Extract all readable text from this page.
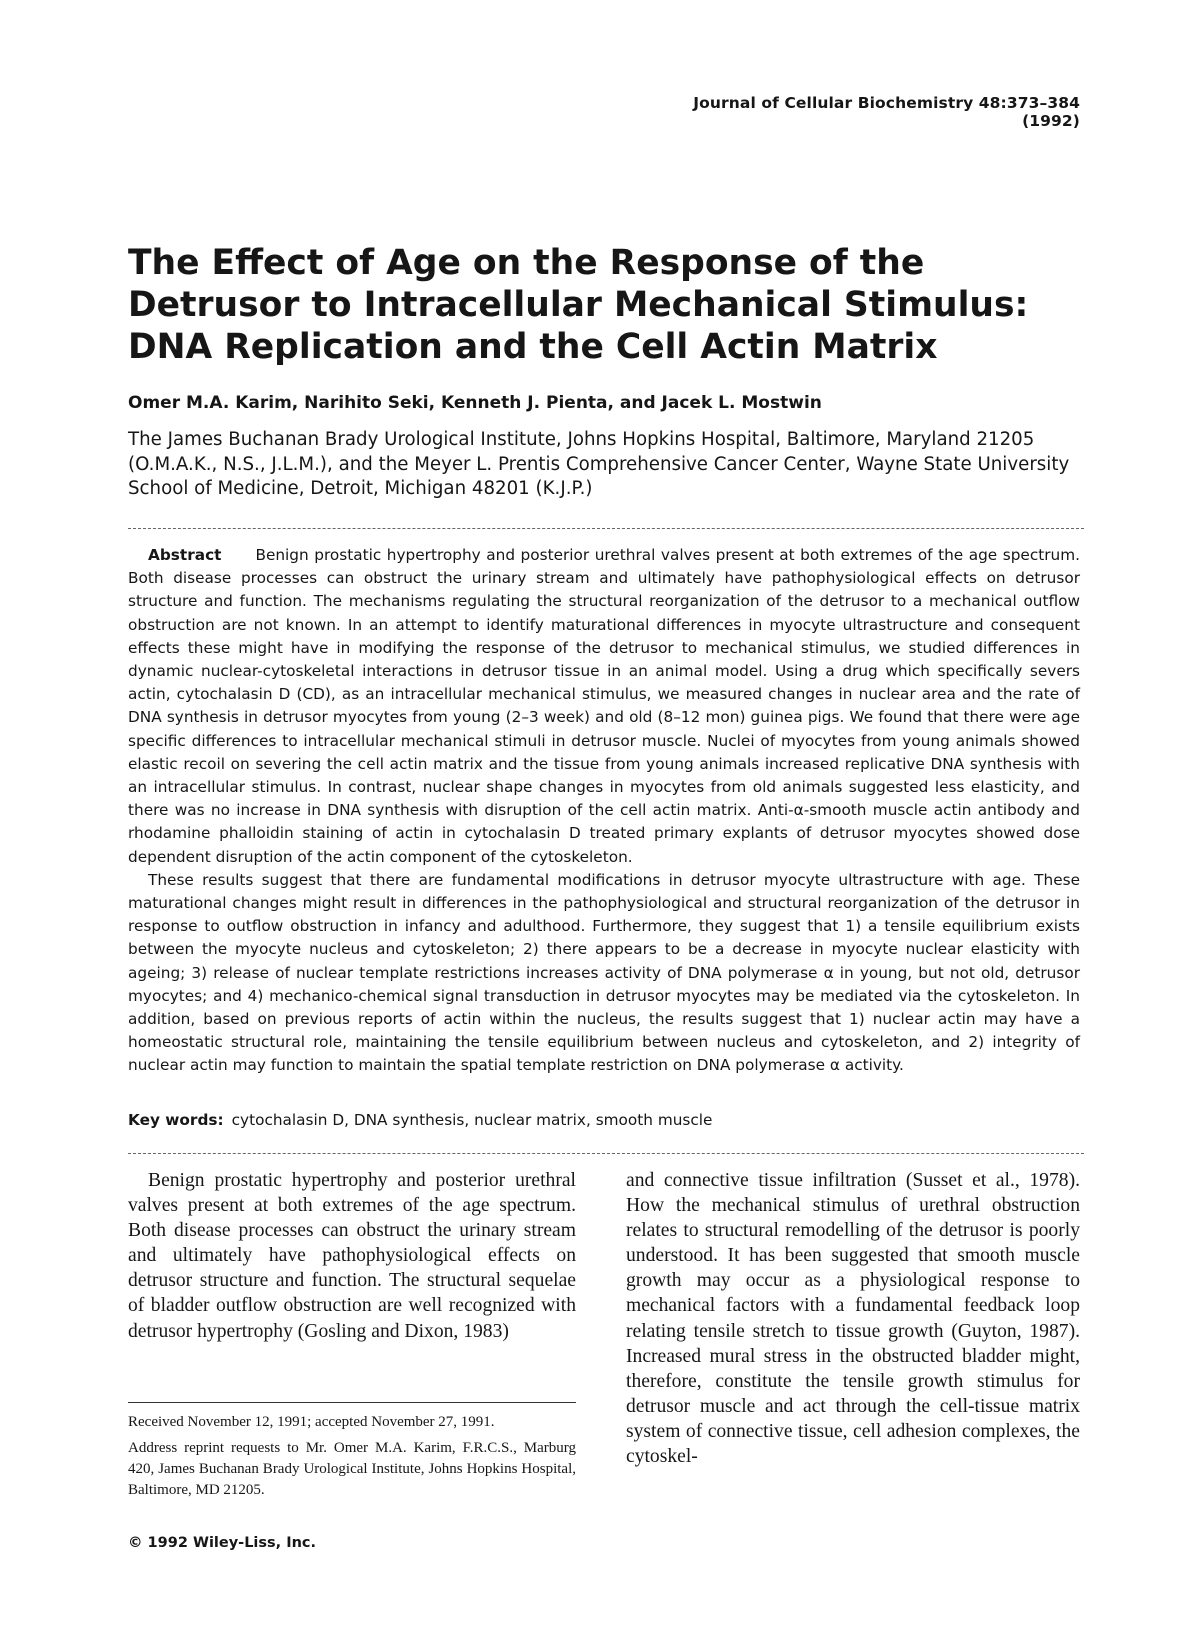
Journal of Cellular Biochemistry 48:373–384 (1992)
The Effect of Age on the Response of the Detrusor to Intracellular Mechanical Stimulus: DNA Replication and the Cell Actin Matrix
Omer M.A. Karim, Narihito Seki, Kenneth J. Pienta, and Jacek L. Mostwin
The James Buchanan Brady Urological Institute, Johns Hopkins Hospital, Baltimore, Maryland 21205 (O.M.A.K., N.S., J.L.M.), and the Meyer L. Prentis Comprehensive Cancer Center, Wayne State University School of Medicine, Detroit, Michigan 48201 (K.J.P.)

Abstract Benign prostatic hypertrophy and posterior urethral valves present at both extremes of the age spectrum. Both disease processes can obstruct the urinary stream and ultimately have pathophysiological effects on detrusor structure and function. The mechanisms regulating the structural reorganization of the detrusor to a mechanical outflow obstruction are not known. In an attempt to identify maturational differences in myocyte ultrastructure and consequent effects these might have in modifying the response of the detrusor to mechanical stimulus, we studied differences in dynamic nuclear-cytoskeletal interactions in detrusor tissue in an animal model. Using a drug which specifically severs actin, cytochalasin D (CD), as an intracellular mechanical stimulus, we measured changes in nuclear area and the rate of DNA synthesis in detrusor myocytes from young (2–3 week) and old (8–12 mon) guinea pigs. We found that there were age specific differences to intracellular mechanical stimuli in detrusor muscle. Nuclei of myocytes from young animals showed elastic recoil on severing the cell actin matrix and the tissue from young animals increased replicative DNA synthesis with an intracellular stimulus. In contrast, nuclear shape changes in myocytes from old animals suggested less elasticity, and there was no increase in DNA synthesis with disruption of the cell actin matrix. Anti-α-smooth muscle actin antibody and rhodamine phalloidin staining of actin in cytochalasin D treated primary explants of detrusor myocytes showed dose dependent disruption of the actin component of the cytoskeleton.

These results suggest that there are fundamental modifications in detrusor myocyte ultrastructure with age. These maturational changes might result in differences in the pathophysiological and structural reorganization of the detrusor in response to outflow obstruction in infancy and adulthood. Furthermore, they suggest that 1) a tensile equilibrium exists between the myocyte nucleus and cytoskeleton; 2) there appears to be a decrease in myocyte nuclear elasticity with ageing; 3) release of nuclear template restrictions increases activity of DNA polymerase α in young, but not old, detrusor myocytes; and 4) mechanico-chemical signal transduction in detrusor myocytes may be mediated via the cytoskeleton. In addition, based on previous reports of actin within the nucleus, the results suggest that 1) nuclear actin may have a homeostatic structural role, maintaining the tensile equilibrium between nucleus and cytoskeleton, and 2) integrity of nuclear actin may function to maintain the spatial template restriction on DNA polymerase α activity.

Key words: cytochalasin D, DNA synthesis, nuclear matrix, smooth muscle

Benign prostatic hypertrophy and posterior urethral valves present at both extremes of the age spectrum. Both disease processes can obstruct the urinary stream and ultimately have pathophysiological effects on detrusor structure and function. The structural sequelae of bladder outflow obstruction are well recognized with detrusor hypertrophy (Gosling and Dixon, 1983)

and connective tissue infiltration (Susset et al., 1978). How the mechanical stimulus of urethral obstruction relates to structural remodelling of the detrusor is poorly understood. It has been suggested that smooth muscle growth may occur as a physiological response to mechanical factors with a fundamental feedback loop relating tensile stretch to tissue growth (Guyton, 1987). Increased mural stress in the obstructed bladder might, therefore, constitute the tensile growth stimulus for detrusor muscle and act through the cell-tissue matrix system of connective tissue, cell adhesion complexes, the cytoskel-

Received November 12, 1991; accepted November 27, 1991.

Address reprint requests to Mr. Omer M.A. Karim, F.R.C.S., Marburg 420, James Buchanan Brady Urological Institute, Johns Hopkins Hospital, Baltimore, MD 21205.

© 1992 Wiley-Liss, Inc.
